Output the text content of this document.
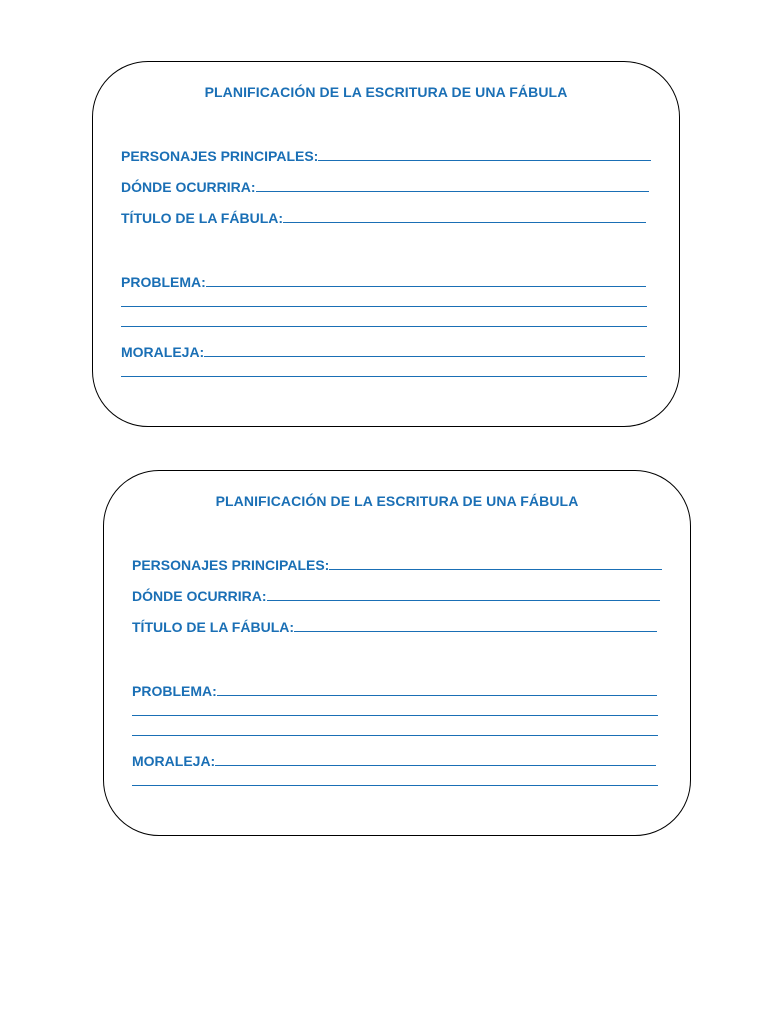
PLANIFICACIÓN DE LA ESCRITURA DE UNA FÁBULA
PERSONAJES PRINCIPALES:
DÓNDE OCURRIRA:
TÍTULO DE LA FÁBULA:
PROBLEMA:
MORALEJA:
PLANIFICACIÓN DE LA ESCRITURA DE UNA FÁBULA
PERSONAJES PRINCIPALES:
DÓNDE OCURRIRA:
TÍTULO DE LA FÁBULA:
PROBLEMA:
MORALEJA:
